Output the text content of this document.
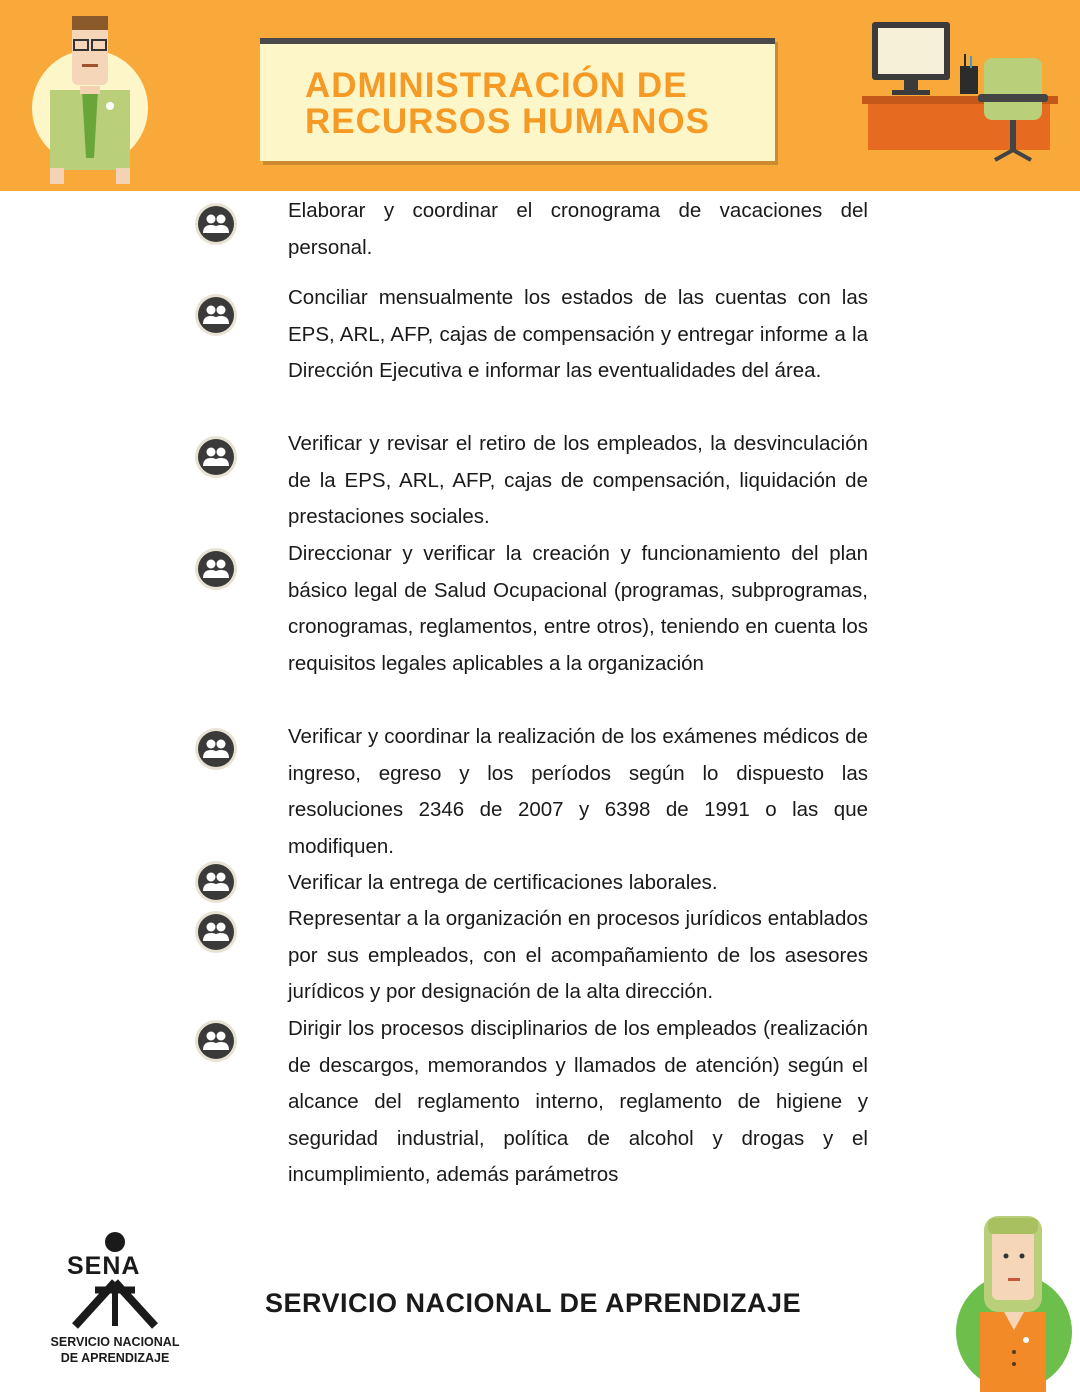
ADMINISTRACIÓN DE
RECURSOS HUMANOS
Elaborar y coordinar el cronograma de vacaciones del personal.
Conciliar mensualmente los estados de las cuentas con las EPS, ARL, AFP, cajas de compensación y entregar informe a la Dirección Ejecutiva e informar las eventualidades del área.
Verificar y revisar el retiro de los empleados, la desvinculación de la EPS, ARL, AFP, cajas de compensación, liquidación de prestaciones sociales.
Direccionar y verificar la creación y funcionamiento del plan básico legal de Salud Ocupacional (programas, subprogramas, cronogramas, reglamentos, entre otros), teniendo en cuenta los requisitos legales aplicables a la organización
Verificar y coordinar la realización de los exámenes médicos de ingreso, egreso y los períodos según lo dispuesto las resoluciones 2346 de 2007 y 6398 de 1991 o las que modifiquen.
Verificar la entrega de certificaciones laborales.
Representar a la organización en procesos jurídicos entablados por sus empleados, con el acompañamiento de los asesores jurídicos y por designación de la alta dirección.
Dirigir los procesos disciplinarios de los empleados (realización de descargos, memorandos y llamados de atención) según el alcance del reglamento interno, reglamento de higiene y seguridad industrial, política de alcohol y drogas y el incumplimiento, además parámetros
SENA
SERVICIO NACIONAL
DE APRENDIZAJE
SERVICIO NACIONAL DE APRENDIZAJE
